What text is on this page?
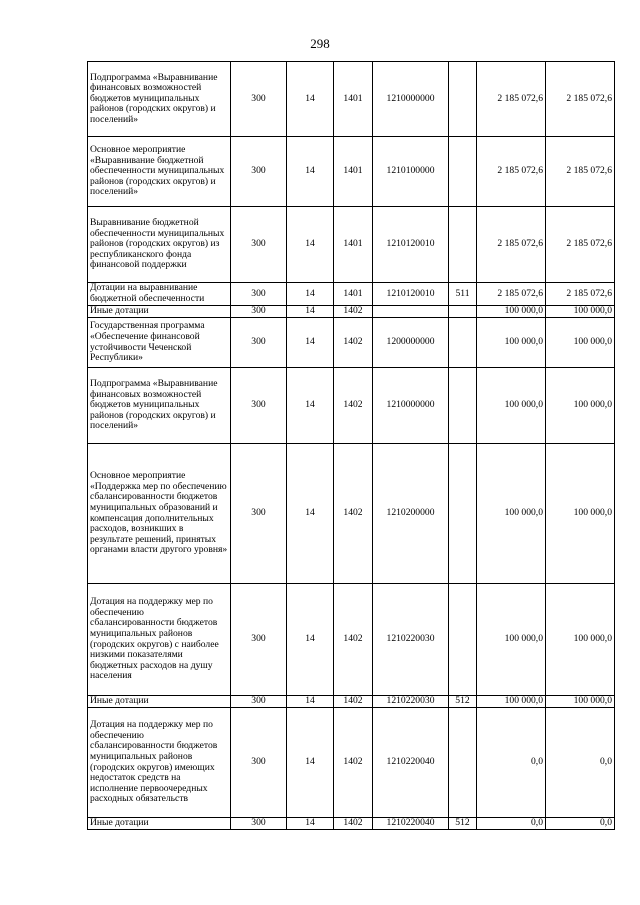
298
Подпрограмма «Выравнивание финансовых возможностей бюджетов муниципальных районов (городских округов) и поселений»	300	14	1401	1210000000		2 185 072,6	2 185 072,6
Основное мероприятие «Выравнивание бюджетной обеспеченности муниципальных районов (городских округов) и поселений»	300	14	1401	1210100000		2 185 072,6	2 185 072,6
Выравнивание бюджетной обеспеченности муниципальных районов (городских округов) из республиканского фонда финансовой поддержки	300	14	1401	1210120010		2 185 072,6	2 185 072,6
Дотации на выравнивание бюджетной обеспеченности	300	14	1401	1210120010	511	2 185 072,6	2 185 072,6
Иные дотации	300	14	1402			100 000,0	100 000,0
Государственная программа «Обеспечение финансовой устойчивости Чеченской Республики»	300	14	1402	1200000000		100 000,0	100 000,0
Подпрограмма «Выравнивание финансовых возможностей бюджетов муниципальных районов (городских округов) и поселений»	300	14	1402	1210000000		100 000,0	100 000,0
Основное мероприятие «Поддержка мер по обеспечению сбалансированности бюджетов муниципальных образований и компенсация дополнительных расходов, возникших в результате решений, принятых органами власти другого уровня»	300	14	1402	1210200000		100 000,0	100 000,0
Дотация на поддержку мер по обеспечению сбалансированности бюджетов муниципальных районов (городских округов) с наиболее низкими показателями бюджетных расходов на душу населения	300	14	1402	1210220030		100 000,0	100 000,0
Иные дотации	300	14	1402	1210220030	512	100 000,0	100 000,0
Дотация на поддержку мер по обеспечению сбалансированности бюджетов муниципальных районов (городских округов) имеющих недостаток средств на исполнение первоочередных расходных обязательств	300	14	1402	1210220040		0,0	0,0
Иные дотации	300	14	1402	1210220040	512	0,0	0,0
